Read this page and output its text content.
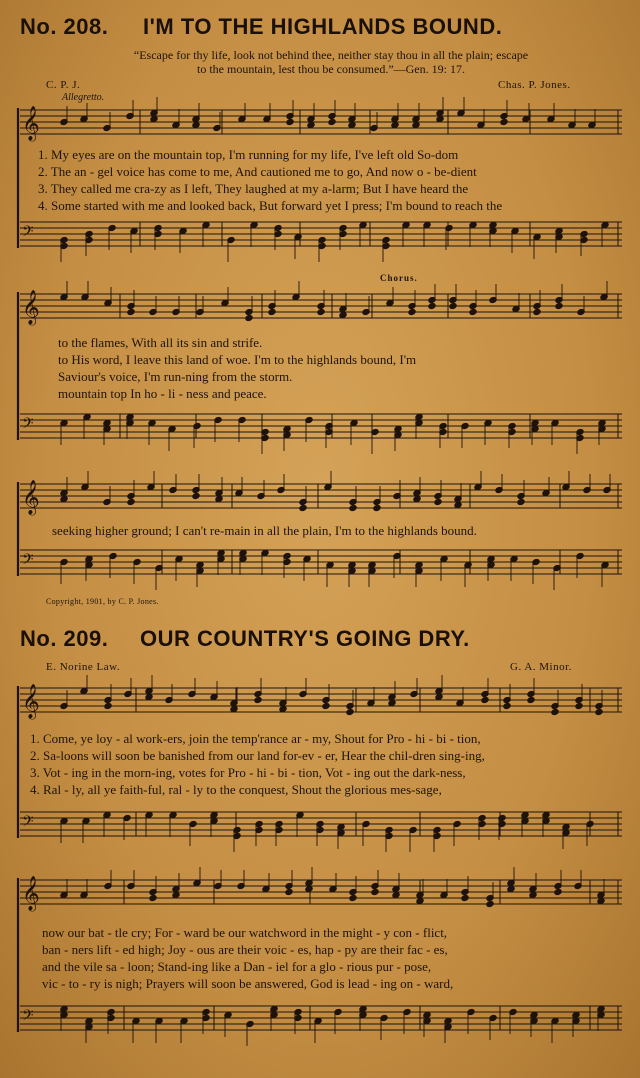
No. 208. I'M TO THE HIGHLANDS BOUND.
“Escape for thy life, look not behind thee, neither stay thou in all the plain; escape
to the mountain, lest thou be consumed.”—Gen. 19: 17.
C. P. J.	Chas. P. Jones.
Allegretto.
Chorus.
𝄞
𝄢
𝄞
𝄢
𝄞
𝄢
𝄞
𝄢
𝄞
𝄢
1. My eyes are on the mountain top, I'm running for my life, I've left old So-dom
2. The an - gel voice has come to me, And cautioned me to go, And now o - be-dient
3. They called me cra-zy as I left, They laughed at my a-larm; But I have heard the
4. Some started with me and looked back, But forward yet I press; I'm bound to reach the
to the flames, With all its sin and strife.
to His word, I leave this land of woe. I'm to the highlands bound, I'm
Saviour's voice, I'm run-ning from the storm.
mountain top In ho - li - ness and peace.
seeking higher ground; I can't re-main in all the plain, I'm to the highlands bound.
Copyright, 1901, by C. P. Jones.
No. 209. OUR COUNTRY'S GOING DRY.
E. Norine Law.	G. A. Minor.
1. Come, ye loy - al work-ers, join the temp'rance ar - my, Shout for Pro - hi - bi - tion,
2. Sa-loons will soon be banished from our land for-ev - er, Hear the chil-dren sing-ing,
3. Vot - ing in the morn-ing, votes for Pro - hi - bi - tion, Vot - ing out the dark-ness,
4. Ral - ly, all ye faith-ful, ral - ly to the conquest, Shout the glorious mes-sage,
now our bat - tle cry; For - ward be our watchword in the might - y con - flict,
ban - ners lift - ed high; Joy - ous are their voic - es, hap - py are their fac - es,
and the vile sa - loon; Stand-ing like a Dan - iel for a glo - rious pur - pose,
vic - to - ry is nigh; Prayers will soon be answered, God is lead - ing on - ward,
